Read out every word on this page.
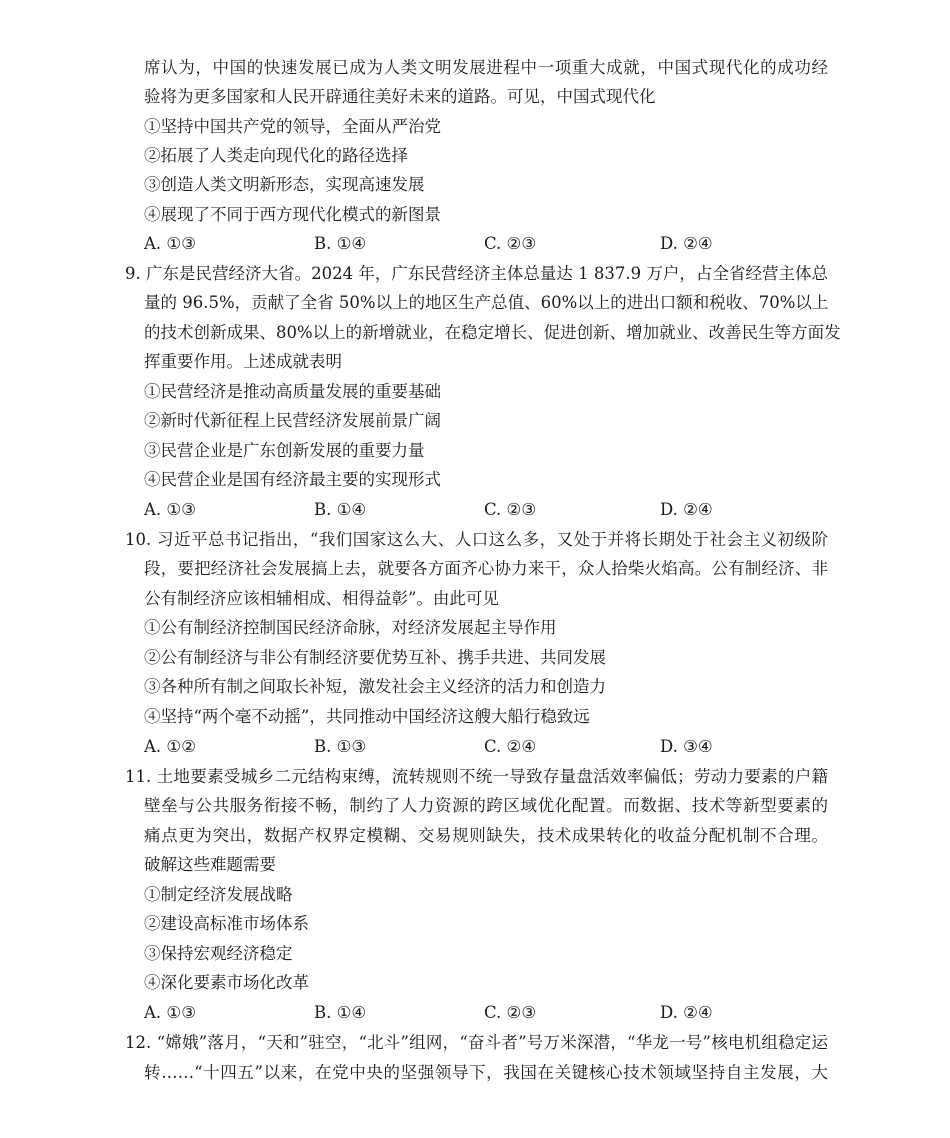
席认为，中国的快速发展已成为人类文明发展进程中一项重大成就，中国式现代化的成功经
验将为更多国家和人民开辟通往美好未来的道路。可见，中国式现代化
①坚持中国共产党的领导，全面从严治党
②拓展了人类走向现代化的路径选择
③创造人类文明新形态，实现高速发展
④展现了不同于西方现代化模式的新图景
A. ①③	B. ①④	C. ②③	D. ②④
9. 广东是民营经济大省。2024 年，广东民营经济主体总量达 1 837.9 万户，占全省经营主体总
量的 96.5%，贡献了全省 50%以上的地区生产总值、60%以上的进出口额和税收、70%以上
的技术创新成果、80%以上的新增就业，在稳定增长、促进创新、增加就业、改善民生等方面发
挥重要作用。上述成就表明
①民营经济是推动高质量发展的重要基础
②新时代新征程上民营经济发展前景广阔
③民营企业是广东创新发展的重要力量
④民营企业是国有经济最主要的实现形式
A. ①③	B. ①④	C. ②③	D. ②④
10. 习近平总书记指出，“我们国家这么大、人口这么多，又处于并将长期处于社会主义初级阶
段，要把经济社会发展搞上去，就要各方面齐心协力来干，众人拾柴火焰高。公有制经济、非
公有制经济应该相辅相成、相得益彰”。由此可见
①公有制经济控制国民经济命脉，对经济发展起主导作用
②公有制经济与非公有制经济要优势互补、携手共进、共同发展
③各种所有制之间取长补短，激发社会主义经济的活力和创造力
④坚持“两个毫不动摇”，共同推动中国经济这艘大船行稳致远
A. ①②	B. ①③	C. ②④	D. ③④
11. 土地要素受城乡二元结构束缚，流转规则不统一导致存量盘活效率偏低；劳动力要素的户籍
壁垒与公共服务衔接不畅，制约了人力资源的跨区域优化配置。而数据、技术等新型要素的
痛点更为突出，数据产权界定模糊、交易规则缺失，技术成果转化的收益分配机制不合理。
破解这些难题需要
①制定经济发展战略
②建设高标准市场体系
③保持宏观经济稳定
④深化要素市场化改革
A. ①③	B. ①④	C. ②③	D. ②④
12. “嫦娥”落月，“天和”驻空，“北斗”组网，“奋斗者”号万米深潜，“华龙一号”核电机组稳定运
转……“十四五”以来，在党中央的坚强领导下，我国在关键核心技术领域坚持自主发展，大
